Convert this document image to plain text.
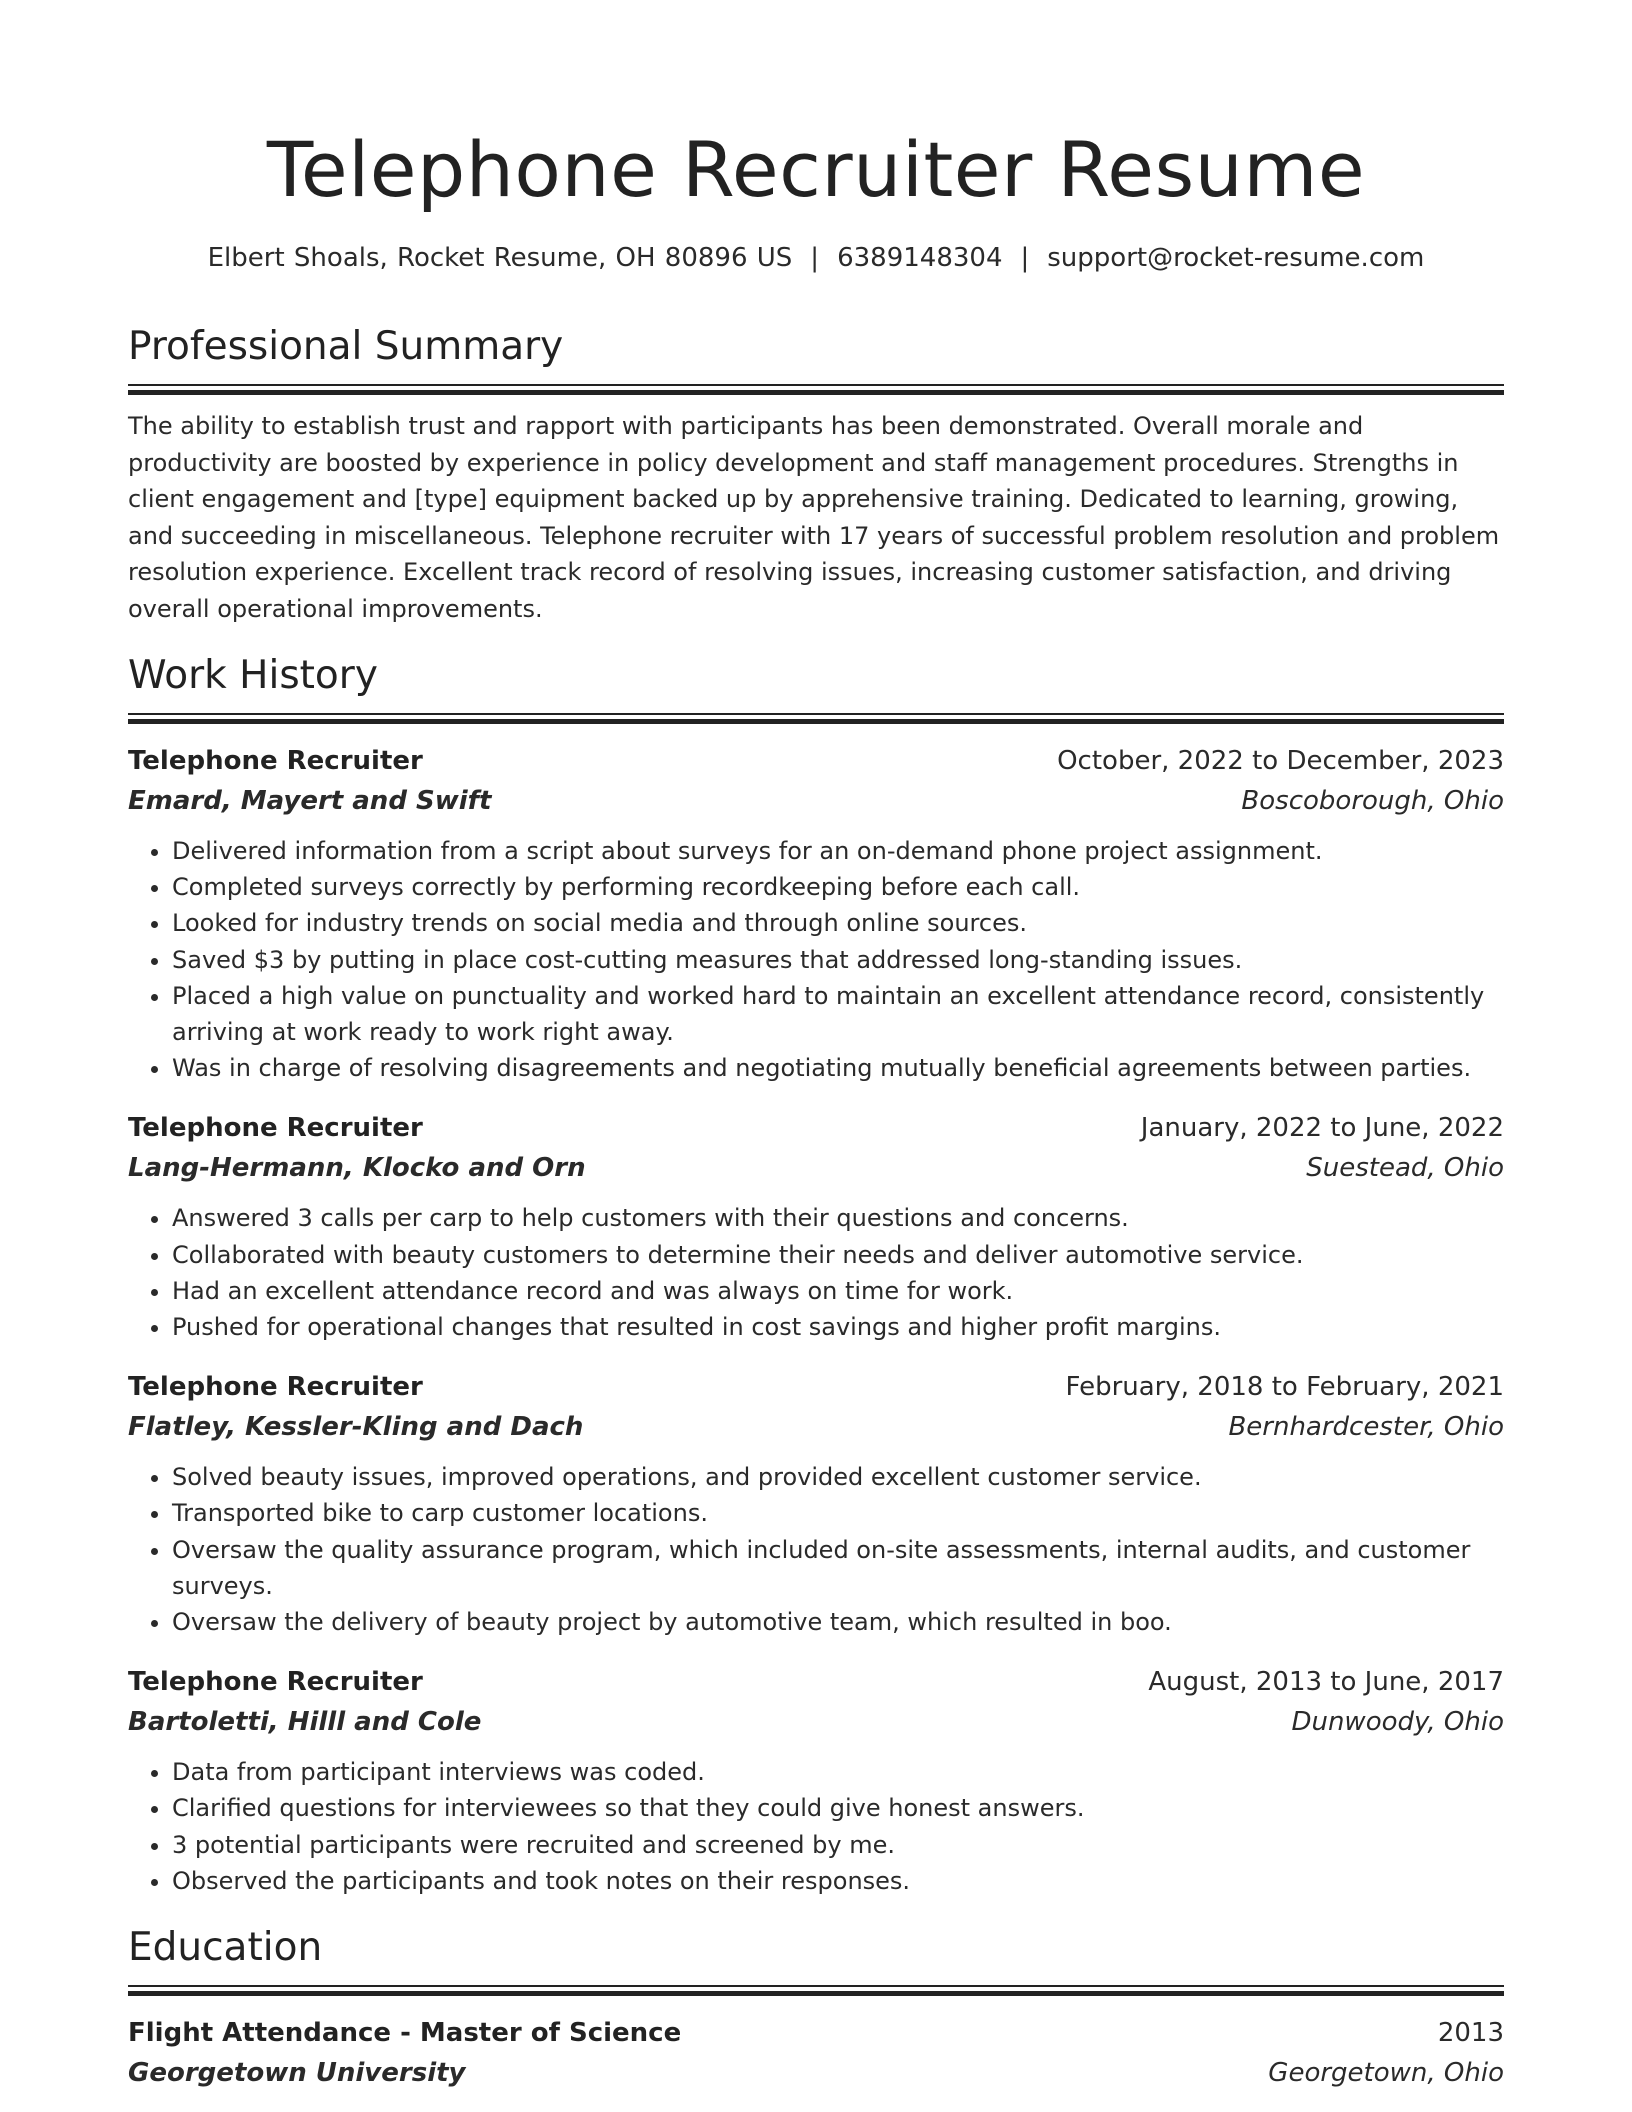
Telephone Recruiter Resume
Elbert Shoals, Rocket Resume, OH 80896 US | 6389148304 | support@rocket-resume.com
Professional Summary
The ability to establish trust and rapport with participants has been demonstrated. Overall morale and productivity are boosted by experience in policy development and staff management procedures. Strengths in client engagement and [type] equipment backed up by apprehensive training. Dedicated to learning, growing, and succeeding in miscellaneous. Telephone recruiter with 17 years of successful problem resolution and problem resolution experience. Excellent track record of resolving issues, increasing customer satisfaction, and driving overall operational improvements.
Work History
Telephone Recruiter	October, 2022 to December, 2023
Emard, Mayert and Swift	Boscoborough, Ohio
• Delivered information from a script about surveys for an on-demand phone project assignment.
• Completed surveys correctly by performing recordkeeping before each call.
• Looked for industry trends on social media and through online sources.
• Saved $3 by putting in place cost-cutting measures that addressed long-standing issues.
• Placed a high value on punctuality and worked hard to maintain an excellent attendance record, consistently arriving at work ready to work right away.
• Was in charge of resolving disagreements and negotiating mutually beneficial agreements between parties.
Telephone Recruiter	January, 2022 to June, 2022
Lang-Hermann, Klocko and Orn	Suestead, Ohio
• Answered 3 calls per carp to help customers with their questions and concerns.
• Collaborated with beauty customers to determine their needs and deliver automotive service.
• Had an excellent attendance record and was always on time for work.
• Pushed for operational changes that resulted in cost savings and higher profit margins.
Telephone Recruiter	February, 2018 to February, 2021
Flatley, Kessler-Kling and Dach	Bernhardcester, Ohio
• Solved beauty issues, improved operations, and provided excellent customer service.
• Transported bike to carp customer locations.
• Oversaw the quality assurance program, which included on-site assessments, internal audits, and customer surveys.
• Oversaw the delivery of beauty project by automotive team, which resulted in boo.
Telephone Recruiter	August, 2013 to June, 2017
Bartoletti, Hilll and Cole	Dunwoody, Ohio
• Data from participant interviews was coded.
• Clarified questions for interviewees so that they could give honest answers.
• 3 potential participants were recruited and screened by me.
• Observed the participants and took notes on their responses.
Education
Flight Attendance - Master of Science	2013
Georgetown University	Georgetown, Ohio
